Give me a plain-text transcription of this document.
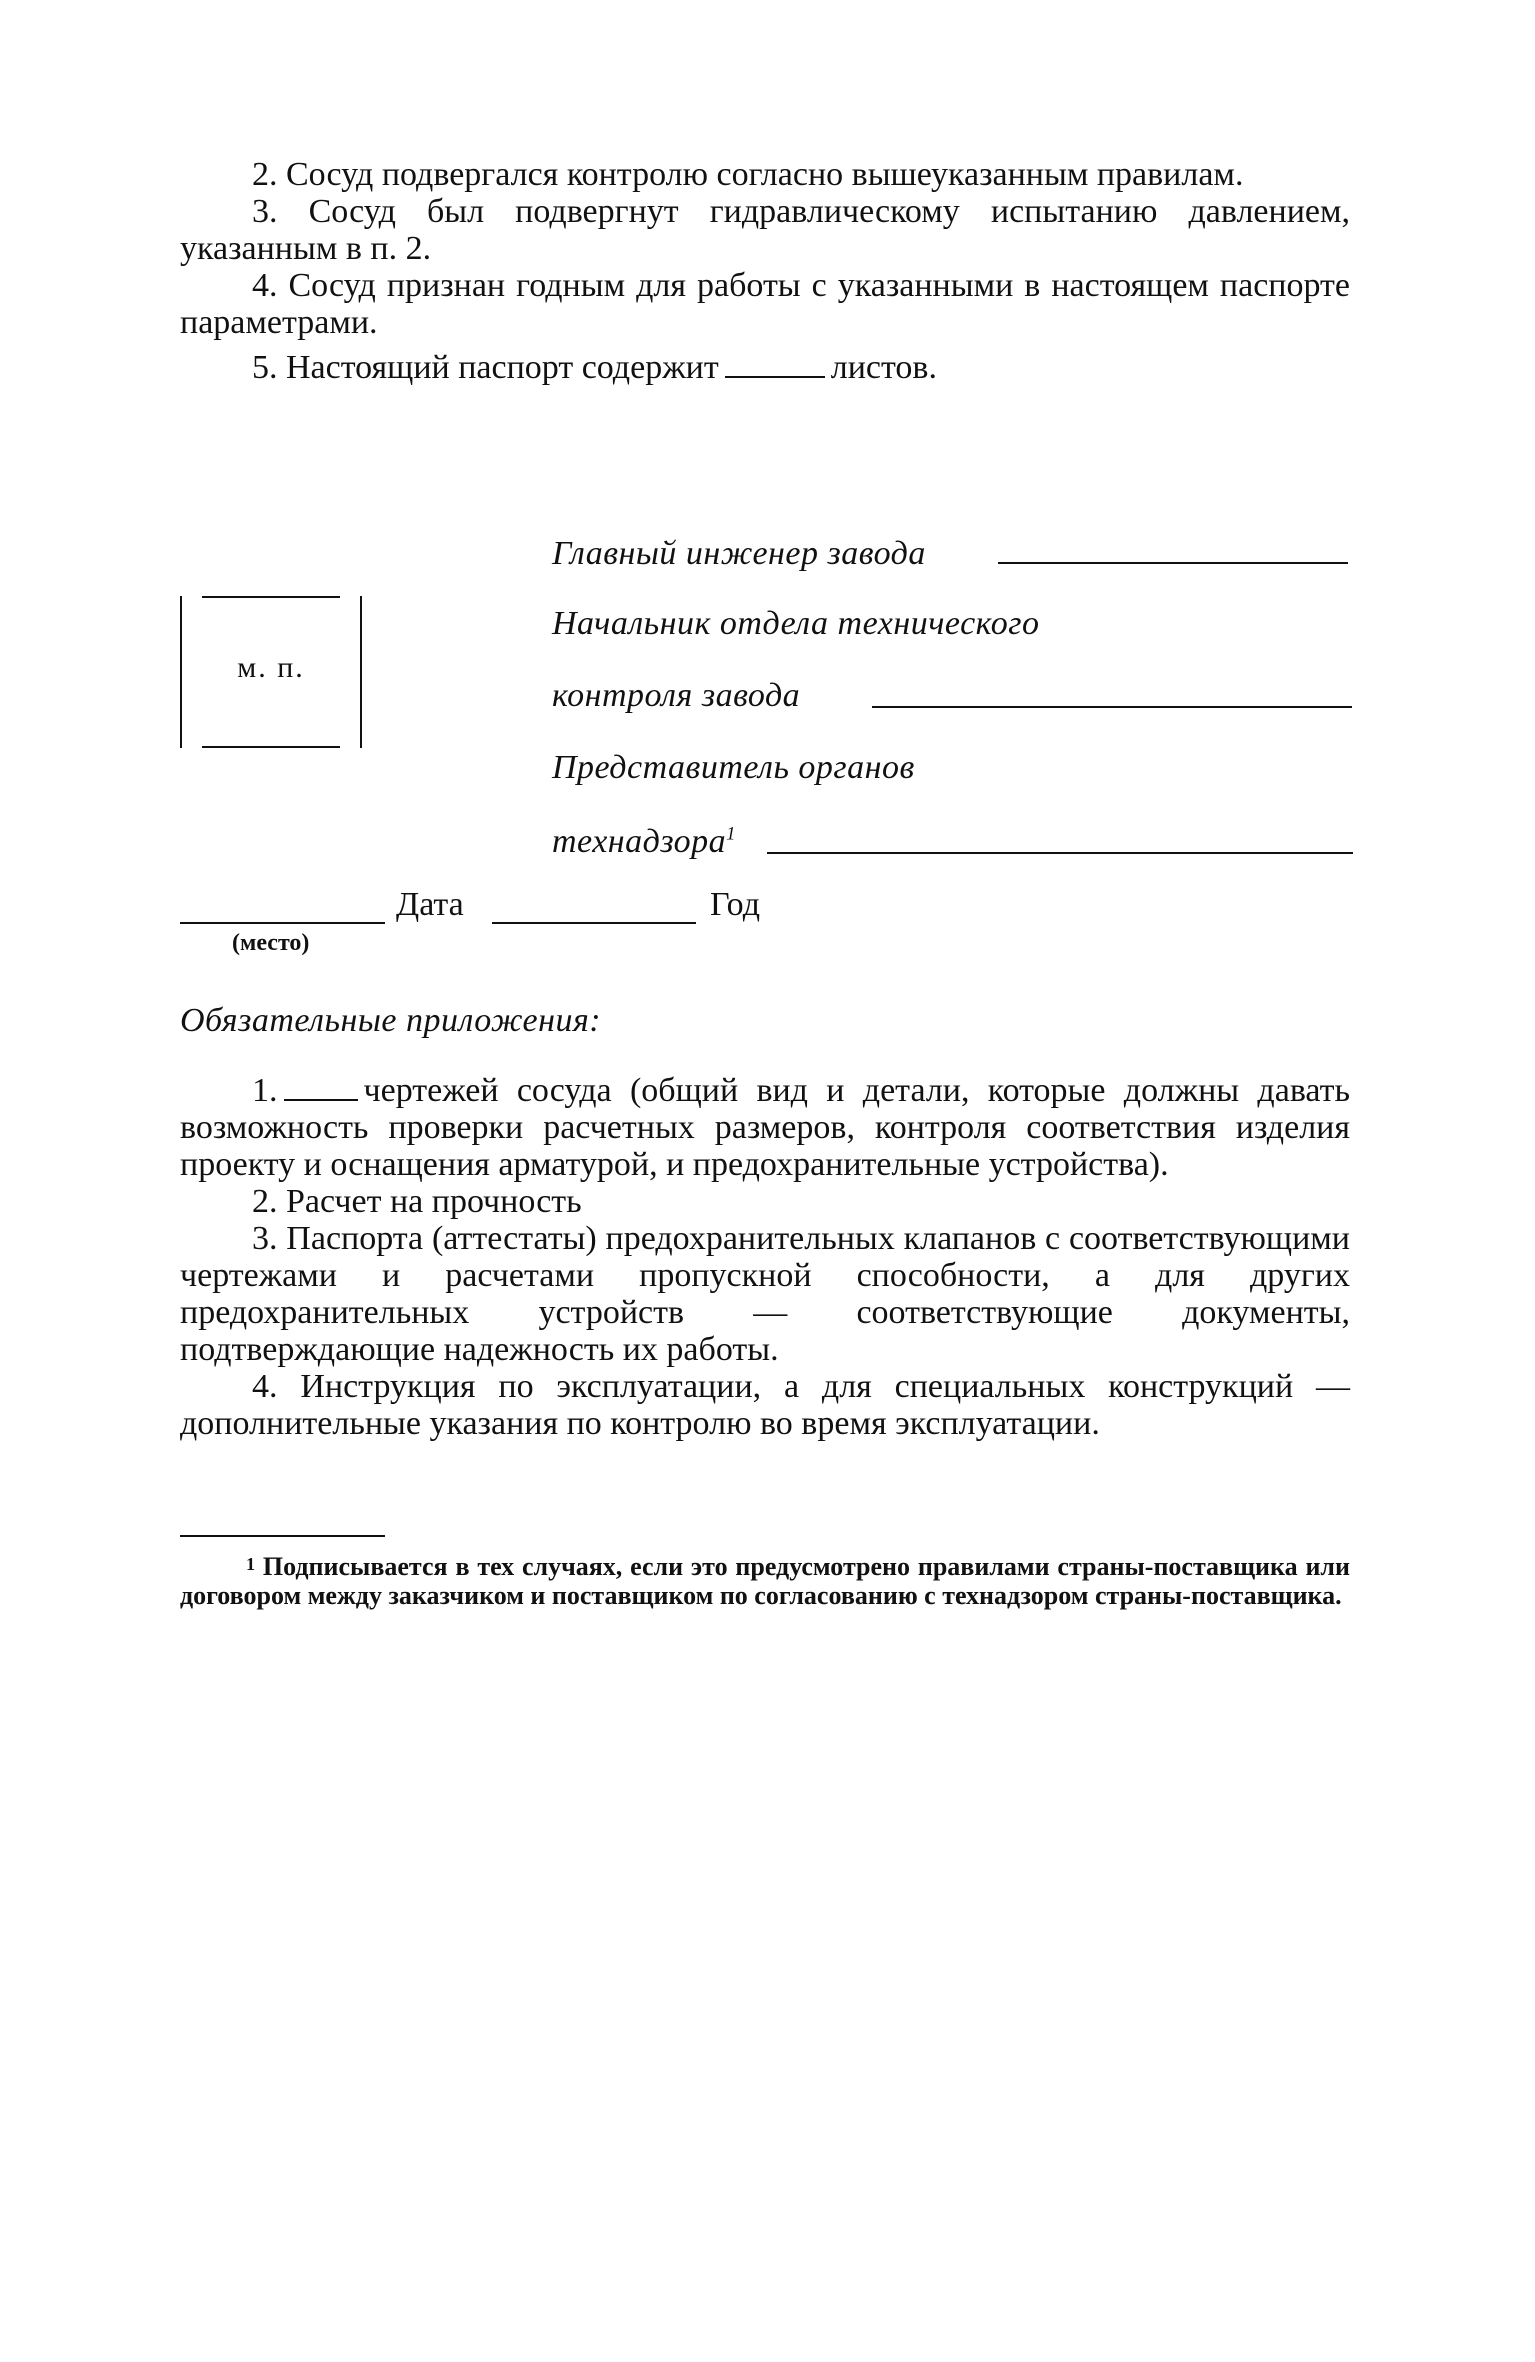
2. Сосуд подвергался контролю согласно вышеуказанным правилам.

3. Сосуд был подвергнут гидравлическому испытанию давлением, указанным в п. 2.

4. Сосуд признан годным для работы с указанными в настоящем паспорте параметрами.

5. Настоящий паспорт содержит	листов.

м. п.
Главный инженер завода
Начальник отдела технического
контроля завода
Представитель органов
технадзора$^1$
(место)
Дата	Год
Обязательные приложения:

1.	чертежей сосуда (общий вид и детали, которые должны давать возможность проверки расчетных размеров, контроля соответствия изделия проекту и оснащения арматурой, и предохранительные устройства).

2. Расчет на прочность

3. Паспорта (аттестаты) предохранительных клапанов с соответствующими чертежами и расчетами пропускной способности, а для других предохранительных устройств — соответствующие документы, подтверждающие надежность их работы.

4. Инструкция по эксплуатации, а для специальных конструкций — дополнительные указания по контролю во время эксплуатации.

$^1$ Подписывается в тех случаях, если это предусмотрено правилами страны-поставщика или договором между заказчиком и поставщиком по согласованию с технадзором страны-поставщика.
